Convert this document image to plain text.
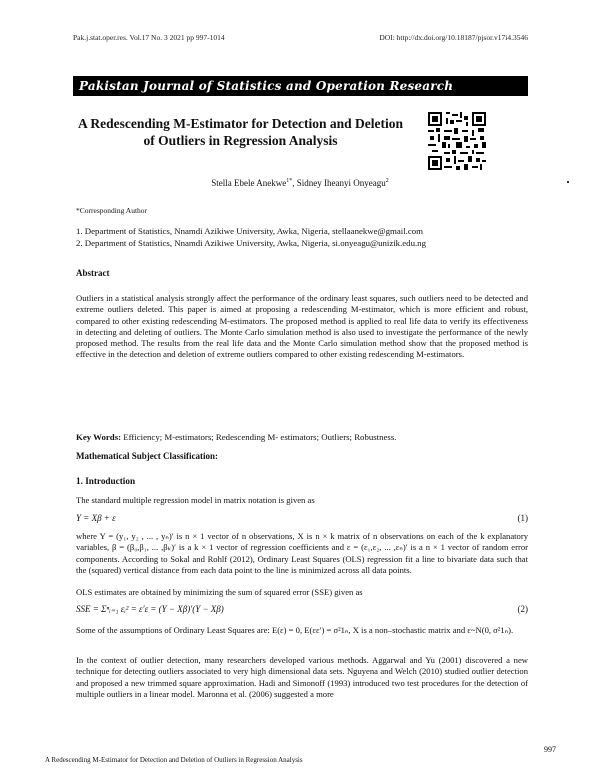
Pak.j.stat.oper.res. Vol.17 No. 3 2021 pp 997-1014	DOI: http://dx.doi.org/10.18187/pjsor.v17i4.3546
Pakistan Journal of Statistics and Operation Research
A Redescending M-Estimator for Detection and Deletion of Outliers in Regression Analysis
Stella Ebele Anekwe$^{1*}$, Sidney Iheanyi Onyeagu$^2$
*Corresponding Author
1. Department of Statistics, Nnamdi Azikiwe University, Awka, Nigeria, stellaanekwe@gmail.com
2. Department of Statistics, Nnamdi Azikiwe University, Awka, Nigeria, si.onyeagu@unizik.edu.ng
Abstract
Outliers in a statistical analysis strongly affect the performance of the ordinary least squares, such outliers need to be detected and extreme outliers deleted. This paper is aimed at proposing a redescending M-estimator, which is more efficient and robust, compared to other existing redescending M-estimators. The proposed method is applied to real life data to verify its effectiveness in detecting and deleting of outliers. The Monte Carlo simulation method is also used to investigate the performance of the newly proposed method. The results from the real life data and the Monte Carlo simulation method show that the proposed method is effective in the detection and deletion of extreme outliers compared to other existing redescending M-estimators.
Key Words: Efficiency; M-estimators; Redescending M- estimators; Outliers; Robustness.
Mathematical Subject Classification:
1. Introduction
The standard multiple regression model in matrix notation is given as
Y = Xβ + ε	(1)
where Y = (y₁, y₂ , ... , yₙ)′ is n × 1 vector of n observations, X is n × k matrix of n observations on each of the k explanatory variables, β = (β₀,β₁, ... ,βₖ)′ is a k × 1 vector of regression coefficients and ε = (ε₁,ε₂, ... ,εₙ)′ is a n × 1 vector of random error components. According to Sokal and Rohlf (2012), Ordinary Least Squares (OLS) regression fit a line to bivariate data such that the (squared) vertical distance from each data point to the line is minimized across all data points.
OLS estimates are obtained by minimizing the sum of squared error (SSE) given as
SSE = Σⁿᵢ₌₁ εᵢ² = ε′ε = (Y − Xβ)′(Y − Xβ)	(2)
Some of the assumptions of Ordinary Least Squares are: E(ε) = 0, E(εε′) = σ²1ₙ, X is a non–stochastic matrix and ε~N(0, σ²1ₙ).
In the context of outlier detection, many researchers developed various methods. Aggarwal and Yu (2001) discovered a new technique for detecting outliers associated to very high dimensional data sets. Nguyena and Welch (2010) studied outlier detection and proposed a new trimmed square approximation. Hadi and Simonoff (1993) introduced two test procedures for the detection of multiple outliers in a linear model. Maronna et al. (2006) suggested a more
A Redescending M-Estimator for Detection and Deletion of Outliers in Regression Analysis
997
